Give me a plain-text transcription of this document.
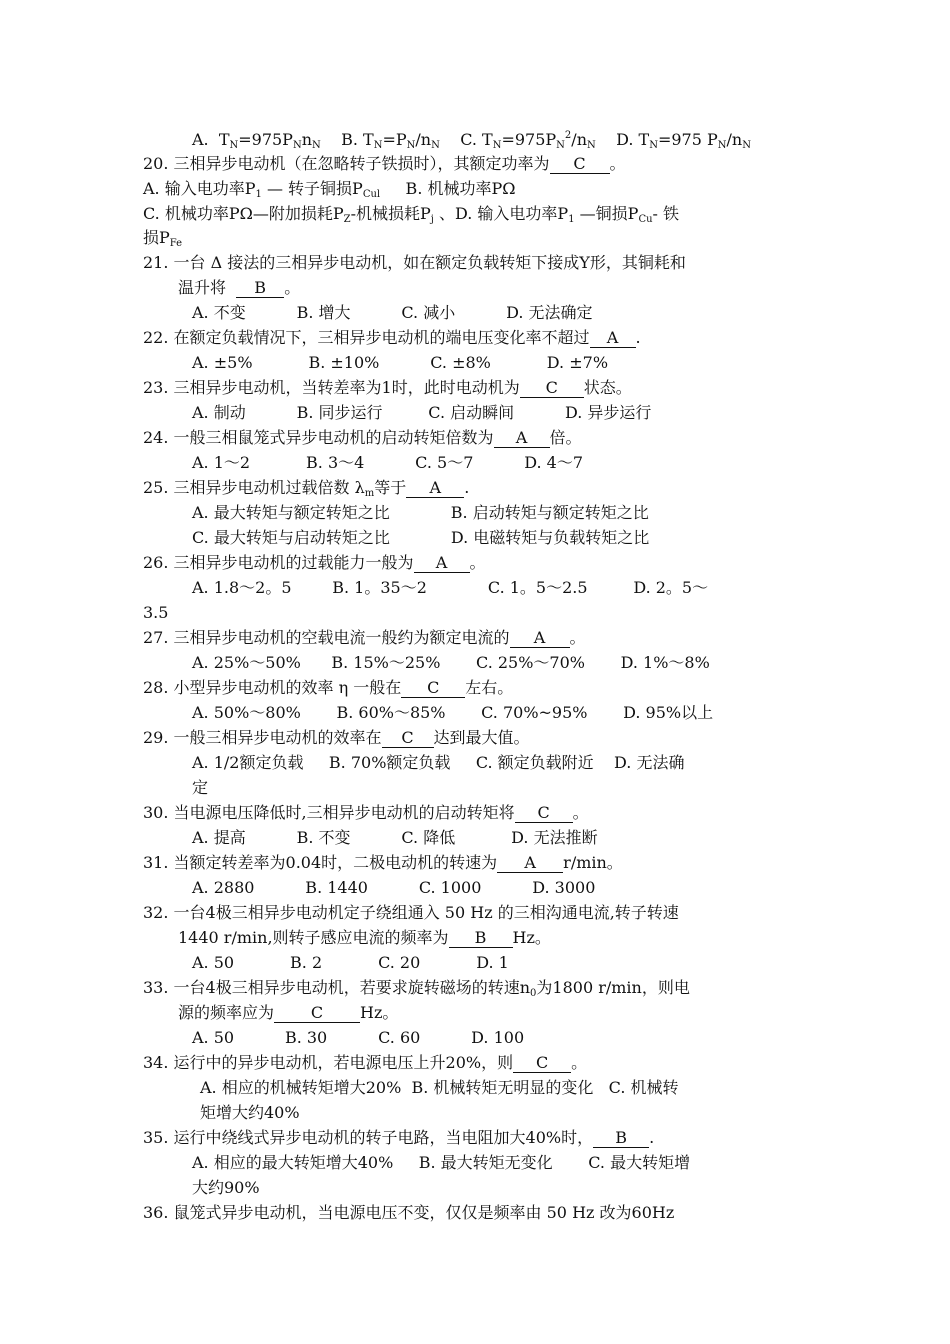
A.  $T_N=975P_Nn_N$    B. $T_N=P_N/n_N$    C. $T_N=975P_N^2/n_N$    D. $T_N=975$ $P_N/n_N$
20. 三相异步电动机（在忽略转子铁损时），其额定功率为 C 。
A. 输入电功率$P_1$ — 转子铜损$P_{Cul}$     B. 机械功率PΩ
C. 机械功率PΩ—附加损耗$P_Z-$机械损耗$P_j$ 、D. 输入电功率$P_1$ —铜损$P_{Cu}-$ 铁
损$P_{Fe}$
21. 一台 Δ 接法的三相异步电动机，如在额定负载转矩下接成Y形，其铜耗和
温升将  B 。
A. 不变          B. 增大          C. 减小          D. 无法确定
22. 在额定负载情况下，三相异步电动机的端电压变化率不超过 A .
A. ±5%           B. ±10%          C. ±8%           D. ±7%
23. 三相异步电动机，当转差率为1时，此时电动机为 C 状态。
A. 制动          B. 同步运行         C. 启动瞬间          D. 异步运行
24. 一般三相鼠笼式异步电动机的启动转矩倍数为 A 倍。
A. 1～2           B. 3～4          C. 5～7          D. 4～7
25. 三相异步电动机过载倍数 $\lambda_m$等于 A .
A. 最大转矩与额定转矩之比            B. 启动转矩与额定转矩之比
C. 最大转矩与启动转矩之比            D. 电磁转矩与负载转矩之比
26. 三相异步电动机的过载能力一般为 A 。
A. 1.8～2。5        B. 1。35～2            C. 1。5～2.5         D. 2。5～
3.5
27. 三相异步电动机的空载电流一般约为额定电流的 A 。
A. 25%～50%      B. 15%～25%       C. 25%～70%       D. 1%～8%
28. 小型异步电动机的效率 η 一般在 C 左右。
A. 50%～80%       B. 60%～85%       C. 70%~95%       D. 95%以上
29. 一般三相异步电动机的效率在 C 达到最大值。
A. 1/2额定负载     B. 70%额定负载     C. 额定负载附近    D. 无法确
定
30. 当电源电压降低时,三相异步电动机的启动转矩将 C 。
A. 提高          B. 不变          C. 降低           D. 无法推断
31. 当额定转差率为0.04时，二极电动机的转速为 A r/min。
A. 2880          B. 1440          C. 1000          D. 3000
32. 一台4极三相异步电动机定子绕组通入 50 Hz 的三相沟通电流,转子转速
1440 r/min,则转子感应电流的频率为 B Hz。
A. 50           B. 2           C. 20           D. 1
33. 一台4极三相异步电动机，若要求旋转磁场的转速$n_0$为1800 r/min，则电
源的频率应为 C Hz。
A. 50          B. 30          C. 60          D. 100
34. 运行中的异步电动机，若电源电压上升20%，则 C 。
A. 相应的机械转矩增大20%  B. 机械转矩无明显的变化   C. 机械转
矩增大约40%
35. 运行中绕线式异步电动机的转子电路，当电阻加大40%时， B .
A. 相应的最大转矩增大40%     B. 最大转矩无变化       C. 最大转矩增
大约90%
36. 鼠笼式异步电动机，当电源电压不变，仅仅是频率由 50 Hz 改为60Hz
